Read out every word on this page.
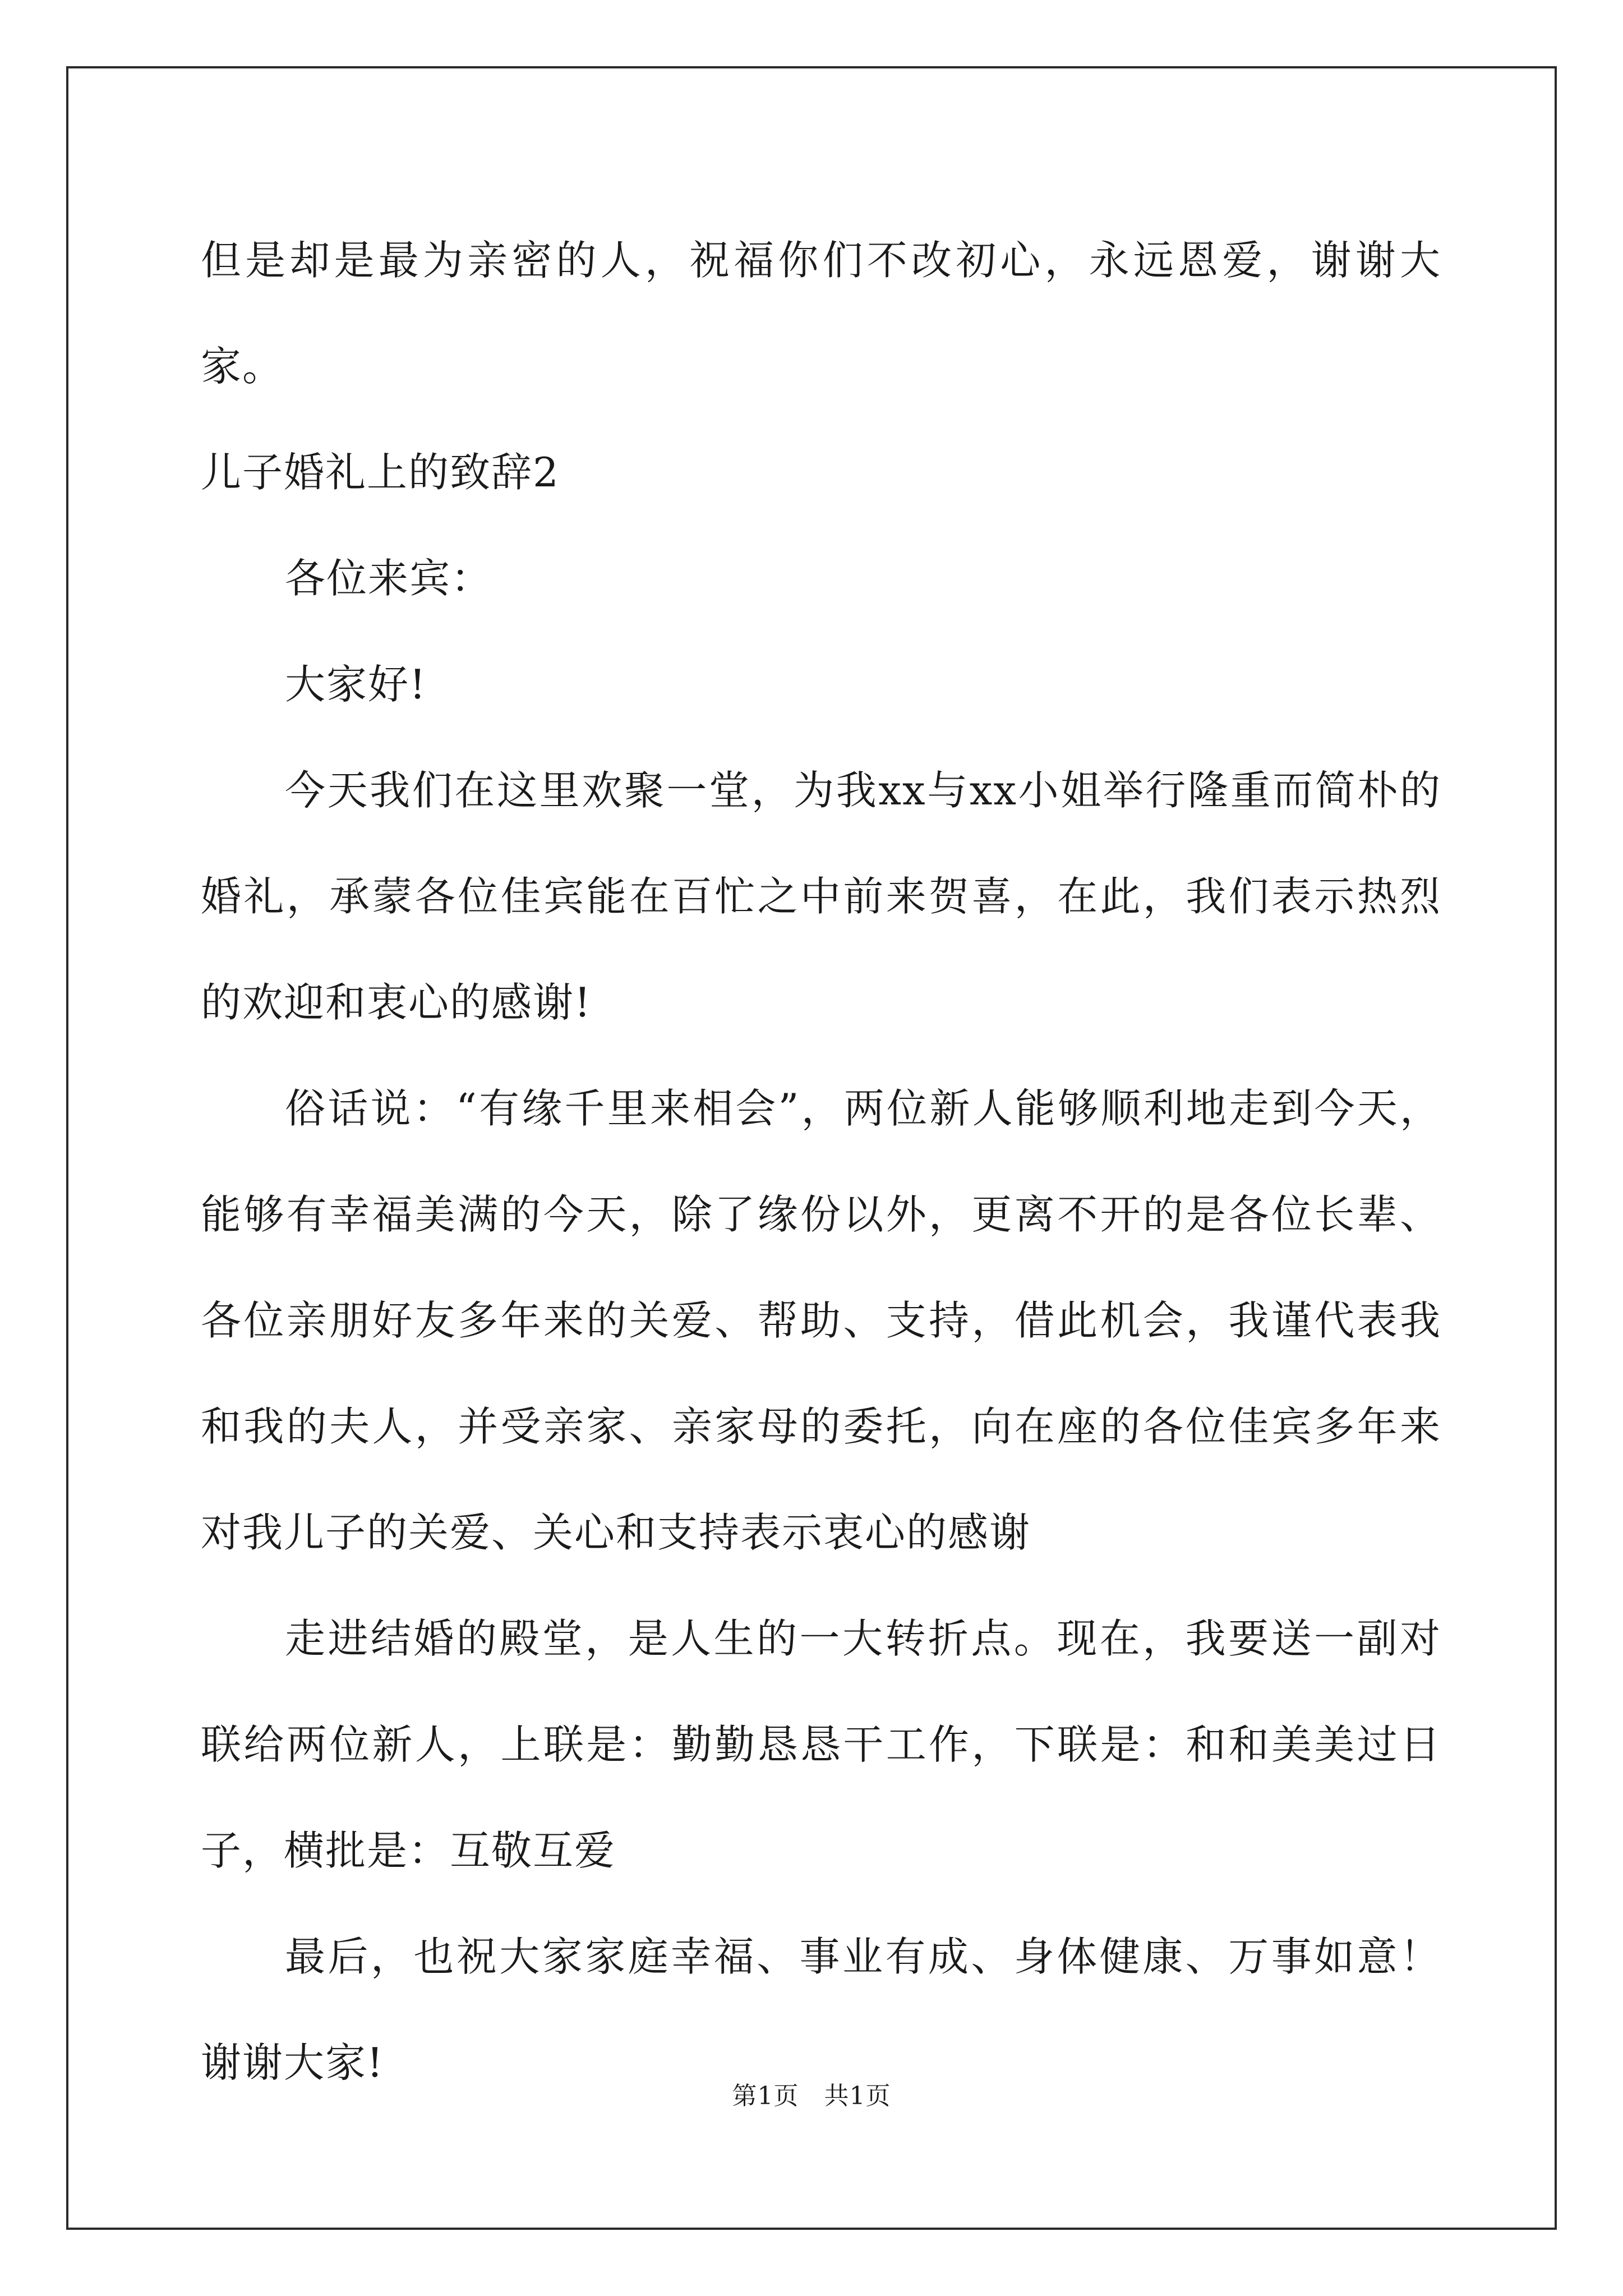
但是却是最为亲密的人，祝福你们不改初心，永远恩爱，谢谢大家。

儿子婚礼上的致辞2

各位来宾：

大家好!

今天我们在这里欢聚一堂，为我xx与xx小姐举行隆重而简朴的婚礼，承蒙各位佳宾能在百忙之中前来贺喜，在此，我们表示热烈的欢迎和衷心的感谢!

俗话说：“有缘千里来相会”，两位新人能够顺利地走到今天，能够有幸福美满的今天，除了缘份以外，更离不开的是各位长辈、各位亲朋好友多年来的关爱、帮助、支持，借此机会，我谨代表我和我的夫人，并受亲家、亲家母的委托，向在座的各位佳宾多年来对我儿子的关爱、关心和支持表示衷心的感谢

走进结婚的殿堂，是人生的一大转折点。现在，我要送一副对联给两位新人，上联是：勤勤恳恳干工作，下联是：和和美美过日子，横批是：互敬互爱

最后，也祝大家家庭幸福、事业有成、身体健康、万事如意！谢谢大家!

第1页　共1页
